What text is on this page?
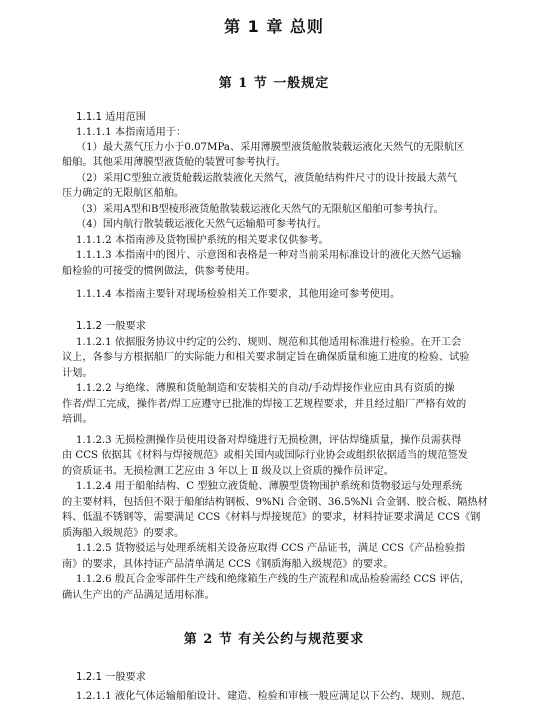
第 1 章 总则
第 1 节 一般规定
1.1.1 适用范围
1.1.1.1 本指南适用于：
（1）最大蒸气压力小于0.07MPa、采用薄膜型液货舱散装载运液化天然气的无限航区
船舶。其他采用薄膜型液货舱的装置可参考执行。
（2）采用C型独立液货舱载运散装液化天然气，液货舱结构件尺寸的设计按最大蒸气
压力确定的无限航区船舶。
（3）采用A型和B型棱形液货舱散装载运液化天然气的无限航区船舶可参考执行。
（4）国内航行散装载运液化天然气运输船可参考执行。
1.1.1.2 本指南涉及货物围护系统的相关要求仅供参考。
1.1.1.3 本指南中的图片、示意图和表格是一种对当前采用标准设计的液化天然气运输
船检验的可接受的惯例做法，供参考使用。
1.1.1.4 本指南主要针对现场检验相关工作要求，其他用途可参考使用。
1.1.2 一般要求
1.1.2.1 依据服务协议中约定的公约、规则、规范和其他适用标准进行检验。在开工会
议上，各参与方根据船厂的实际能力和相关要求制定旨在确保质量和施工进度的检验、试验
计划。
1.1.2.2 与绝缘、薄膜和货舱制造和安装相关的自动/手动焊接作业应由具有资质的操
作者/焊工完成，操作者/焊工应遵守已批准的焊接工艺规程要求，并且经过船厂严格有效的
培训。
1.1.2.3 无损检测操作员使用设备对焊缝进行无损检测，评估焊缝质量，操作员需获得
由 CCS 依据其《材料与焊接规范》或相关国内或国际行业协会或组织依据适当的规范签发
的资质证书。无损检测工艺应由 3 年以上 Ⅱ 级及以上资质的操作员评定。
1.1.2.4 用于船舶结构、C 型独立液货舱、薄膜型货物围护系统和货物驳运与处理系统
的主要材料，包括但不限于船舶结构钢板、9%Ni 合金钢、36.5%Ni 合金钢、胶合板、隔热材
料、低温不锈钢等，需要满足 CCS《材料与焊接规范》的要求，材料持证要求满足 CCS《钢
质海船入级规范》的要求。
1.1.2.5 货物驳运与处理系统相关设备应取得 CCS 产品证书，满足 CCS《产品检验指
南》的要求，具体持证产品清单满足 CCS《钢质海船入级规范》的要求。
1.1.2.6 殷瓦合金零部件生产线和绝缘箱生产线的生产流程和成品检验需经 CCS 评估，
确认生产出的产品满足适用标准。
第 2 节 有关公约与规范要求
1.2.1 一般要求
1.2.1.1 液化气体运输船舶设计、建造、检验和审核一般应满足以下公约、规则、规范、
